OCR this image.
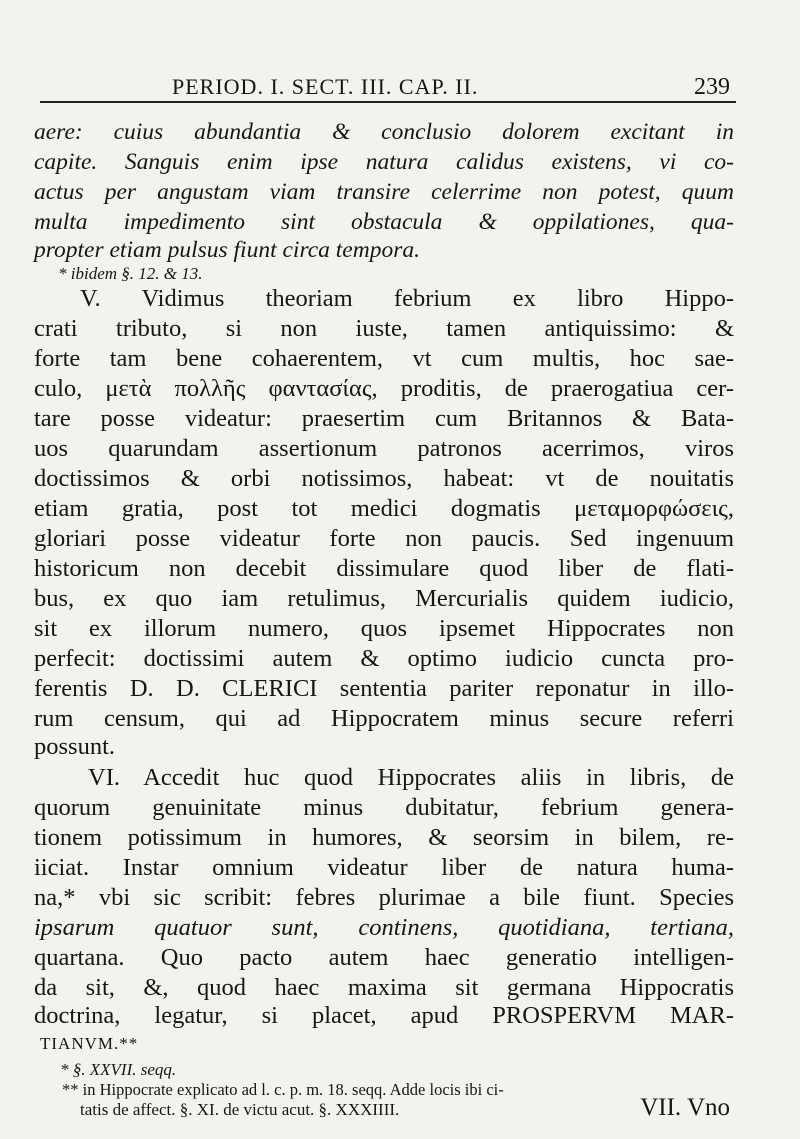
PERIOD. I. SECT. III. CAP. II.	239
aere: cuius abundantia & conclusio dolorem excitant in
capite. Sanguis enim ipse natura calidus existens, vi co-
actus per angustam viam transire celerrime non potest, quum
multa impedimento sint obstacula & oppilationes, qua-
propter etiam pulsus fiunt circa tempora.
* ibidem §. 12. & 13.
V. Vidimus theoriam febrium ex libro Hippo-
crati tributo, si non iuste, tamen antiquissimo: &
forte tam bene cohaerentem, vt cum multis, hoc sae-
culo, μετὰ πολλῆς φαντασίας, proditis, de praerogatiua cer-
tare posse videatur: praesertim cum Britannos & Bata-
uos quarundam assertionum patronos acerrimos, viros
doctissimos & orbi notissimos, habeat: vt de nouitatis
etiam gratia, post tot medici dogmatis μεταμορφώσεις,
gloriari posse videatur forte non paucis. Sed ingenuum
historicum non decebit dissimulare quod liber de flati-
bus, ex quo iam retulimus, Mercurialis quidem iudicio,
sit ex illorum numero, quos ipsemet Hippocrates non
perfecit: doctissimi autem & optimo iudicio cuncta pro-
ferentis D. D. CLERICI sententia pariter reponatur in illo-
rum censum, qui ad Hippocratem minus secure referri
possunt.
VI. Accedit huc quod Hippocrates aliis in libris, de
quorum genuinitate minus dubitatur, febrium genera-
tionem potissimum in humores, & seorsim in bilem, re-
iiciat. Instar omnium videatur liber de natura huma-
na,* vbi sic scribit: febres plurimae a bile fiunt. Species
ipsarum quatuor sunt, continens, quotidiana, tertiana,
quartana. Quo pacto autem haec generatio intelligen-
da sit, &, quod haec maxima sit germana Hippocratis
doctrina, legatur, si placet, apud PROSPERVM MAR-
TIANVM.**
* §. XXVII. seqq.
** in Hippocrate explicato ad l. c. p. m. 18. seqq. Adde locis ibi ci-
tatis de affect. §. XI. de victu acut. §. XXXIIII.	VII. Vno
